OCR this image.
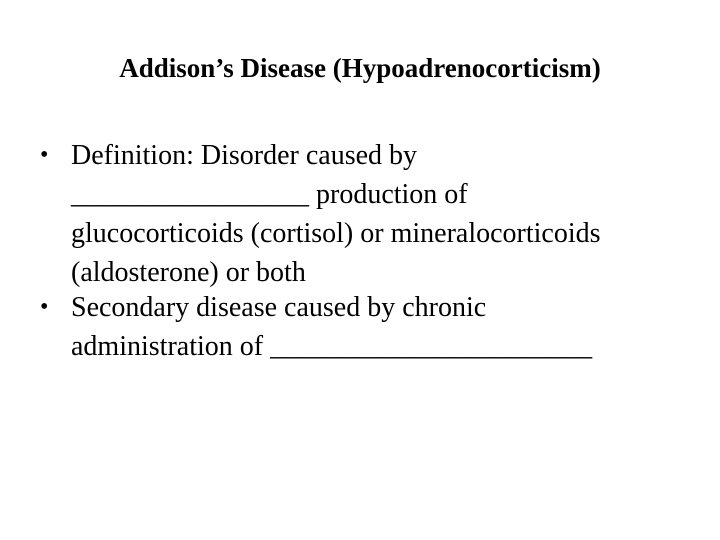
Addison’s Disease (Hypoadrenocorticism)
• Definition: Disorder caused by
_________________ production of
glucocorticoids (cortisol) or mineralocorticoids
(aldosterone) or both
• Secondary disease caused by chronic
administration of _______________________
